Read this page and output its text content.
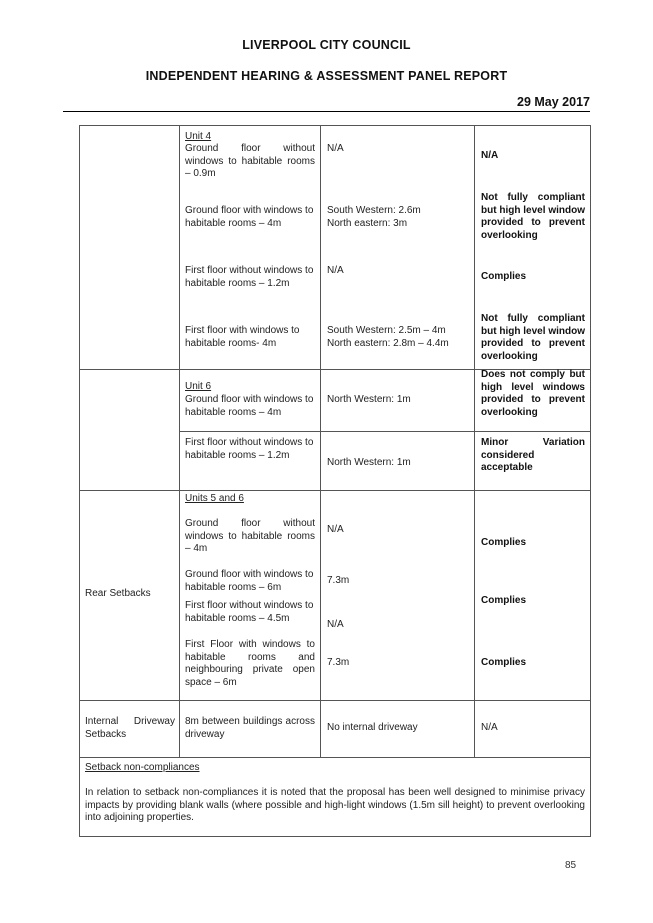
LIVERPOOL CITY COUNCIL
INDEPENDENT HEARING & ASSESSMENT PANEL REPORT
29 May 2017
Unit 4
Ground floor without windows to habitable rooms – 0.9m
N/A
N/A
Ground floor with windows to habitable rooms – 4m
South Western: 2.6m
North eastern: 3m
Not fully compliant but high level window provided to prevent overlooking
First floor without windows to habitable rooms – 1.2m
N/A
Complies
First floor with windows to habitable rooms- 4m
South Western: 2.5m – 4m
North eastern: 2.8m – 4.4m
Not fully compliant but high level window provided to prevent overlooking
Unit 6
Ground floor with windows to habitable rooms – 4m
North Western: 1m
Does not comply but high level windows provided to prevent overlooking
First floor without windows to habitable rooms – 1.2m
North Western: 1m
Minor Variation considered acceptable
Units 5 and 6
Rear Setbacks
Ground floor without windows to habitable rooms – 4m
N/A
Complies
Ground floor with windows to habitable rooms – 6m
7.3m
Complies
First floor without windows to habitable rooms – 4.5m
N/A
First Floor with windows to habitable rooms and neighbouring private open space – 6m
7.3m	Complies
Internal Driveway Setbacks
8m between buildings across driveway
No internal driveway	N/A
Setback non-compliances
In relation to setback non-compliances it is noted that the proposal has been well designed to minimise privacy impacts by providing blank walls (where possible and high-light windows (1.5m sill height) to prevent overlooking into adjoining properties.
85
